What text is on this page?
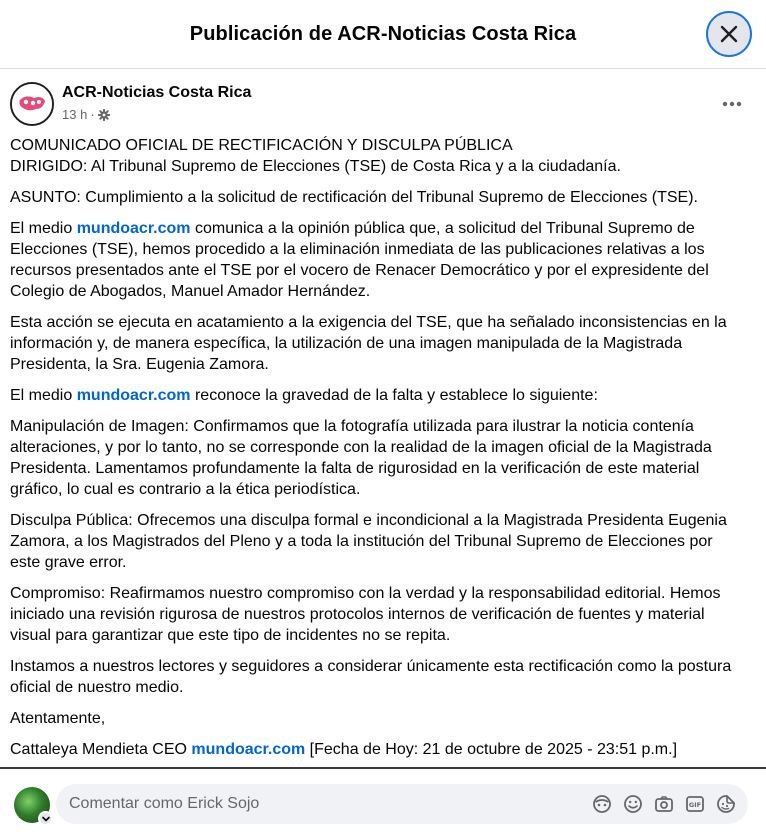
Publicación de ACR-Noticias Costa Rica
ACR-Noticias Costa Rica
13 h ·

COMUNICADO OFICIAL DE RECTIFICACIÓN Y DISCULPA PÚBLICA
DIRIGIDO: Al Tribunal Supremo de Elecciones (TSE) de Costa Rica y a la ciudadanía.

ASUNTO: Cumplimiento a la solicitud de rectificación del Tribunal Supremo de Elecciones (TSE).

El medio mundoacr.com comunica a la opinión pública que, a solicitud del Tribunal Supremo de Elecciones (TSE), hemos procedido a la eliminación inmediata de las publicaciones relativas a los recursos presentados ante el TSE por el vocero de Renacer Democrático y por el expresidente del Colegio de Abogados, Manuel Amador Hernández.

Esta acción se ejecuta en acatamiento a la exigencia del TSE, que ha señalado inconsistencias en la información y, de manera específica, la utilización de una imagen manipulada de la Magistrada Presidenta, la Sra. Eugenia Zamora.

El medio mundoacr.com reconoce la gravedad de la falta y establece lo siguiente:

Manipulación de Imagen: Confirmamos que la fotografía utilizada para ilustrar la noticia contenía alteraciones, y por lo tanto, no se corresponde con la realidad de la imagen oficial de la Magistrada Presidenta. Lamentamos profundamente la falta de rigurosidad en la verificación de este material gráfico, lo cual es contrario a la ética periodística.

Disculpa Pública: Ofrecemos una disculpa formal e incondicional a la Magistrada Presidenta Eugenia Zamora, a los Magistrados del Pleno y a toda la institución del Tribunal Supremo de Elecciones por este grave error.

Compromiso: Reafirmamos nuestro compromiso con la verdad y la responsabilidad editorial. Hemos iniciado una revisión rigurosa de nuestros protocolos internos de verificación de fuentes y material visual para garantizar que este tipo de incidentes no se repita.

Instamos a nuestros lectores y seguidores a considerar únicamente esta rectificación como la postura oficial de nuestro medio.

Atentamente,

Cattaleya Mendieta CEO mundoacr.com [Fecha de Hoy: 21 de octubre de 2025 - 23:51 p.m.]

Comentar como Erick Sojo
GIF
